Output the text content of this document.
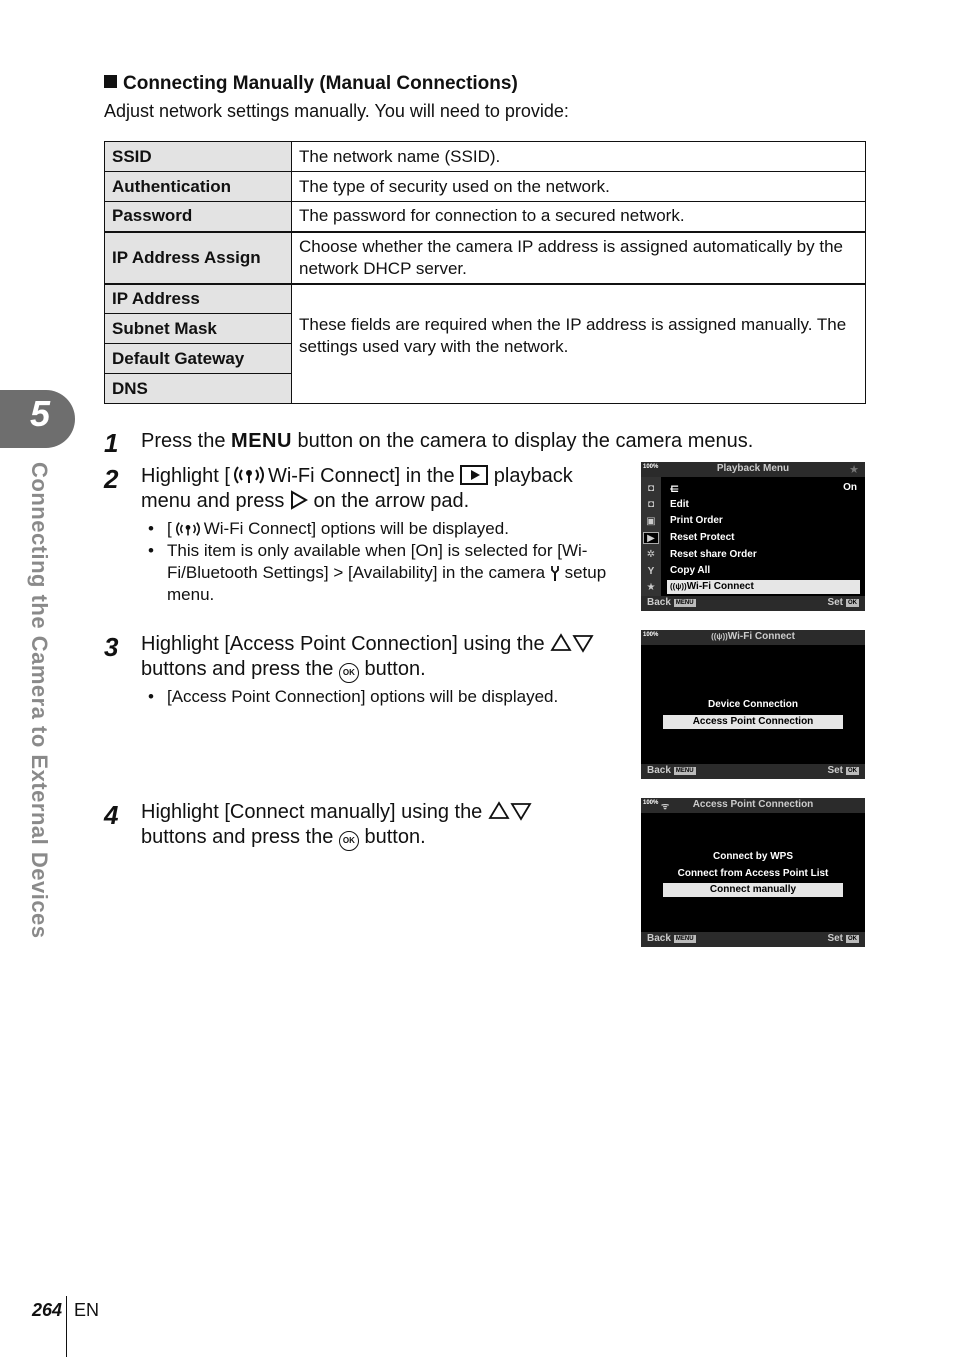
5
Connecting the Camera to External Devices
Connecting Manually (Manual Connections)
Adjust network settings manually. You will need to provide:
SSID	The network name (SSID).
Authentication	The type of security used on the network.
Password	The password for connection to a secured network.
IP Address Assign	Choose whether the camera IP address is assigned automatically by the network DHCP server.
IP Address	These fields are required when the IP address is assigned manually. The settings used vary with the network.
Subnet Mask	
Default Gateway	
DNS	
1 Press the MENU button on the camera to display the camera menus.
2 Highlight [ Wi-Fi Connect] in the  playback
menu and press  on the arrow pad.
• [ Wi-Fi Connect] options will be displayed.
• This item is only available when [On] is selected for [Wi-Fi/Bluetooth Settings] > [Availability] in the camera  setup menu.
3 Highlight [Access Point Connection] using the
buttons and press the OK button.
• [Access Point Connection] options will be displayed.
4 Highlight [Connect manually] using the
buttons and press the OK button.
100%	Playback Menu	★
◘
◘
▣
▶
✲
Y
★
⊏̶	On
Edit
Print Order
Reset Protect
Reset share Order
Copy All
((ψ))Wi-Fi Connect
Back MENU	Set OK
100%	((ψ))Wi-Fi Connect
Device Connection
Access Point Connection
Back MENU	Set OK
100% ᯤ	Access Point Connection
Connect by WPS
Connect from Access Point List
Connect manually
Back MENU	Set OK
264 EN
